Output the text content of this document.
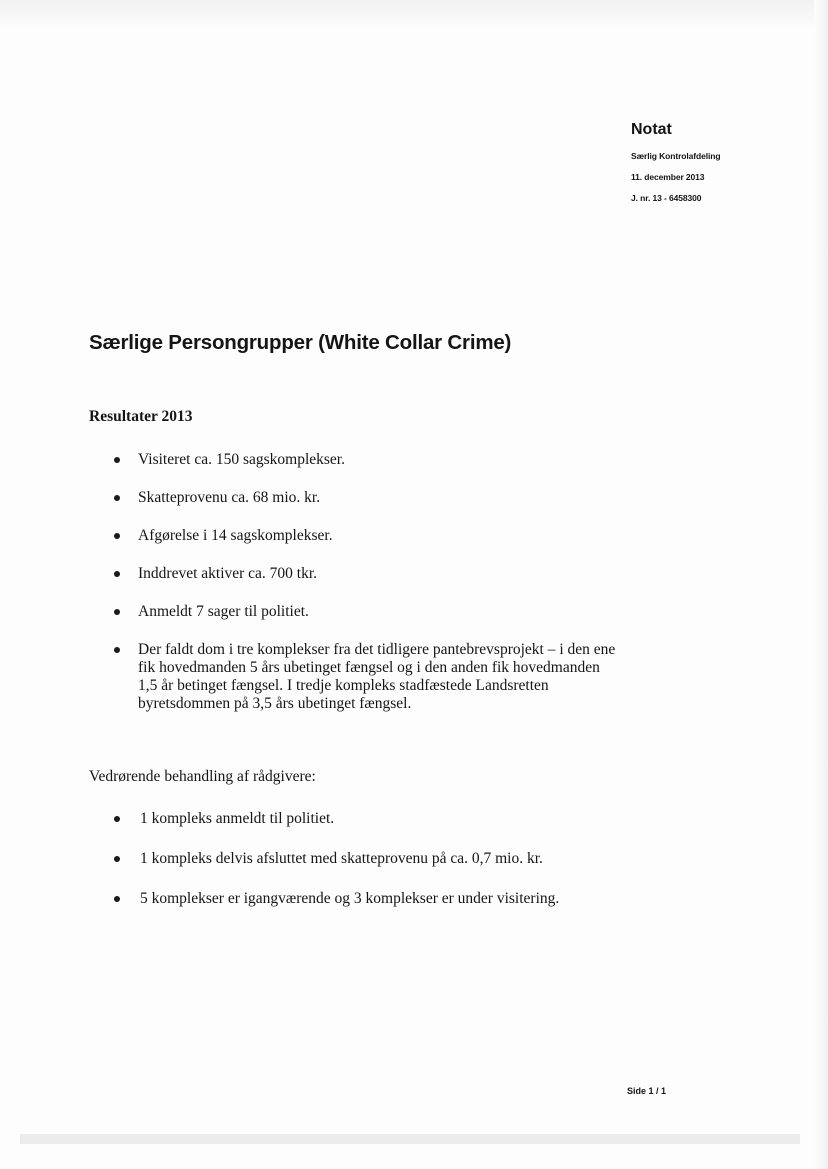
Notat

Særlig Kontrolafdeling

11. december 2013

J. nr. 13 - 6458300

Særlige Persongrupper (White Collar Crime)
Resultater 2013
Visiteret ca. 150 sagskomplekser.
Skatteprovenu ca. 68 mio. kr.
Afgørelse i 14 sagskomplekser.
Inddrevet aktiver ca. 700 tkr.
Anmeldt 7 sager til politiet.
Der faldt dom i tre komplekser fra det tidligere pantebrevsprojekt – i den ene fik hovedmanden 5 års ubetinget fængsel og i den anden fik hovedmanden 1,5 år betinget fængsel. I tredje kompleks stadfæstede Landsretten byretsdommen på 3,5 års ubetinget fængsel.

Vedrørende behandling af rådgivere:

1 kompleks anmeldt til politiet.
1 kompleks delvis afsluttet med skatteprovenu på ca. 0,7 mio. kr.
5 komplekser er igangværende og 3 komplekser er under visitering.
Side 1 / 1
